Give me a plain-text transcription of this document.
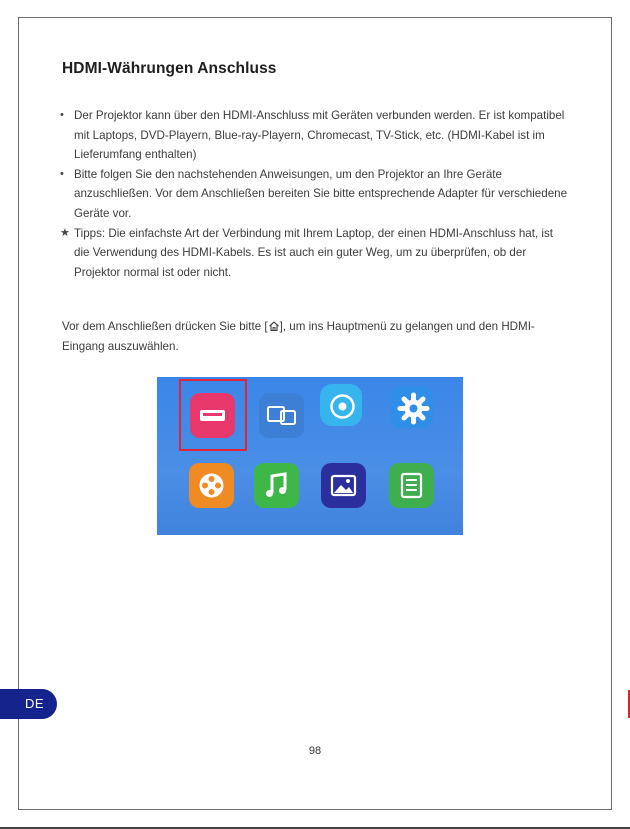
HDMI-Währungen Anschluss
• Der Projektor kann über den HDMI-Anschluss mit Geräten verbunden werden. Er ist kompatibel mit Laptops, DVD-Playern, Blue-ray-Playern, Chromecast, TV-Stick, etc. (HDMI-Kabel ist im Lieferumfang enthalten)
• Bitte folgen Sie den nachstehenden Anweisungen, um den Projektor an Ihre Geräte anzuschließen. Vor dem Anschließen bereiten Sie bitte entsprechende Adapter für verschiedene Geräte vor.
★ Tipps: Die einfachste Art der Verbindung mit Ihrem Laptop, der einen HDMI-Anschluss hat, ist die Verwendung des HDMI-Kabels. Es ist auch ein guter Weg, um zu überprüfen, ob der Projektor normal ist oder nicht.

Vor dem Anschließen drücken Sie bitte [ ], um ins Hauptmenü zu gelangen und den HDMI-Eingang auszuwählen.

DE
98
